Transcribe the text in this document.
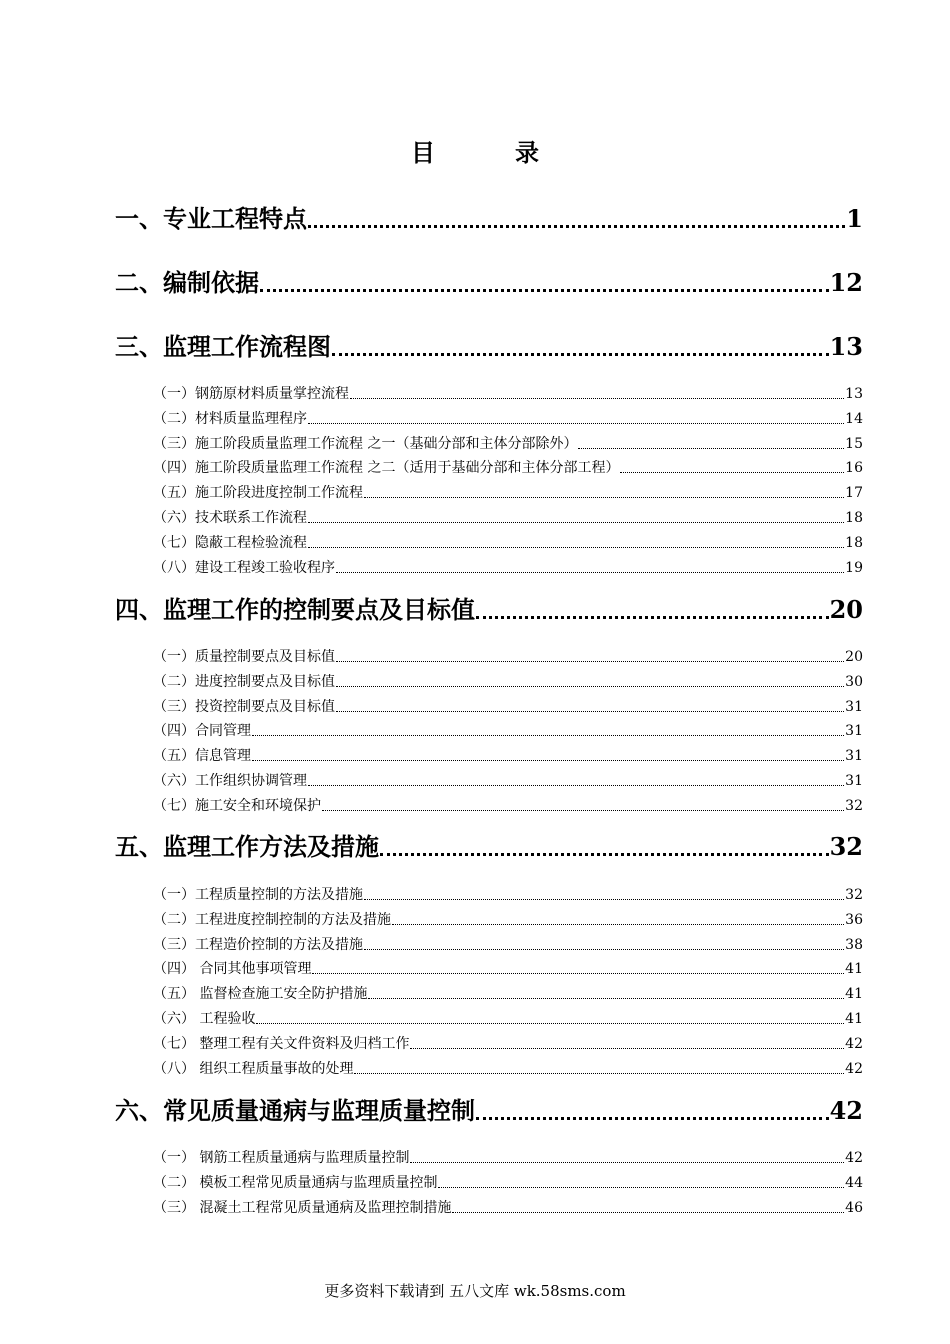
目	录
一、专业工程特点	1
二、编制依据	12
三、监理工作流程图	13
（一）钢筋原材料质量掌控流程	13
（二）材料质量监理程序	14
（三）施工阶段质量监理工作流程 之一（基础分部和主体分部除外）	15
（四）施工阶段质量监理工作流程 之二（适用于基础分部和主体分部工程）	16
（五）施工阶段进度控制工作流程	17
（六）技术联系工作流程	18
（七）隐蔽工程检验流程	18
（八）建设工程竣工验收程序	19
四、监理工作的控制要点及目标值	20
（一）质量控制要点及目标值	20
（二）进度控制要点及目标值	30
（三）投资控制要点及目标值	31
（四）合同管理	31
（五）信息管理	31
（六）工作组织协调管理	31
（七）施工安全和环境保护	32
五、监理工作方法及措施	32
（一）工程质量控制的方法及措施	32
（二）工程进度控制控制的方法及措施	36
（三）工程造价控制的方法及措施	38
（四） 合同其他事项管理	41
（五） 监督检查施工安全防护措施	41
（六） 工程验收	41
（七） 整理工程有关文件资料及归档工作	42
（八） 组织工程质量事故的处理	42
六、常见质量通病与监理质量控制	42
（一） 钢筋工程质量通病与监理质量控制	42
（二） 模板工程常见质量通病与监理质量控制	44
（三） 混凝土工程常见质量通病及监理控制措施	46
更多资料下载请到 五八文库 wk.58sms.com
